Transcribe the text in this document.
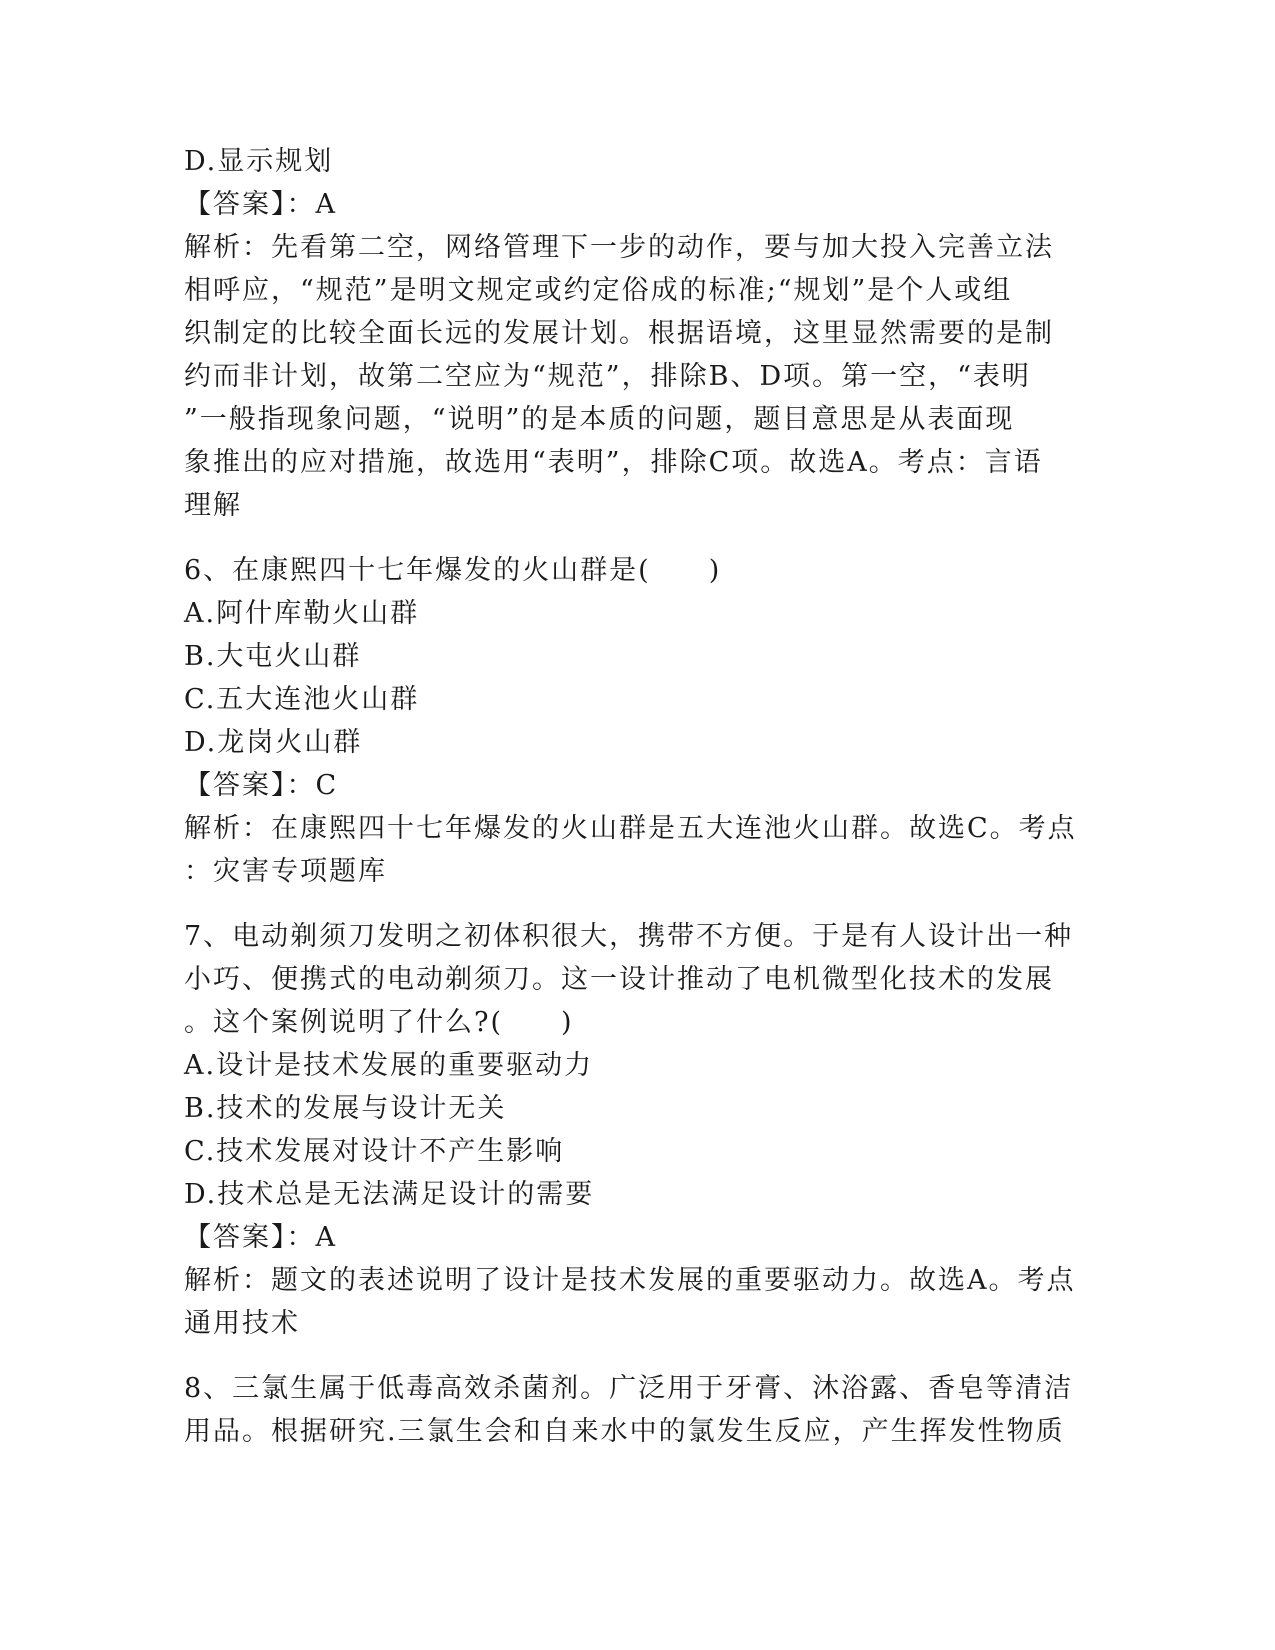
D.显示规划
【答案】：A
解析：先看第二空，网络管理下一步的动作，要与加大投入完善立法
相呼应，“规范”是明文规定或约定俗成的标准;“规划”是个人或组
织制定的比较全面长远的发展计划。根据语境，这里显然需要的是制
约而非计划，故第二空应为“规范”，排除B、D项。第一空，“表明
”一般指现象问题，“说明”的是本质的问题，题目意思是从表面现
象推出的应对措施，故选用“表明”，排除C项。故选A。考点：言语
理解
6、在康熙四十七年爆发的火山群是(　　)
A.阿什库勒火山群
B.大屯火山群
C.五大连池火山群
D.龙岗火山群
【答案】：C
解析：在康熙四十七年爆发的火山群是五大连池火山群。故选C。考点
：灾害专项题库
7、电动剃须刀发明之初体积很大，携带不方便。于是有人设计出一种
小巧、便携式的电动剃须刀。这一设计推动了电机微型化技术的发展
。这个案例说明了什么?(　　)
A.设计是技术发展的重要驱动力
B.技术的发展与设计无关
C.技术发展对设计不产生影响
D.技术总是无法满足设计的需要
【答案】：A
解析：题文的表述说明了设计是技术发展的重要驱动力。故选A。考点
通用技术
8、三氯生属于低毒高效杀菌剂。广泛用于牙膏、沐浴露、香皂等清洁
用品。根据研究.三氯生会和自来水中的氯发生反应，产生挥发性物质
